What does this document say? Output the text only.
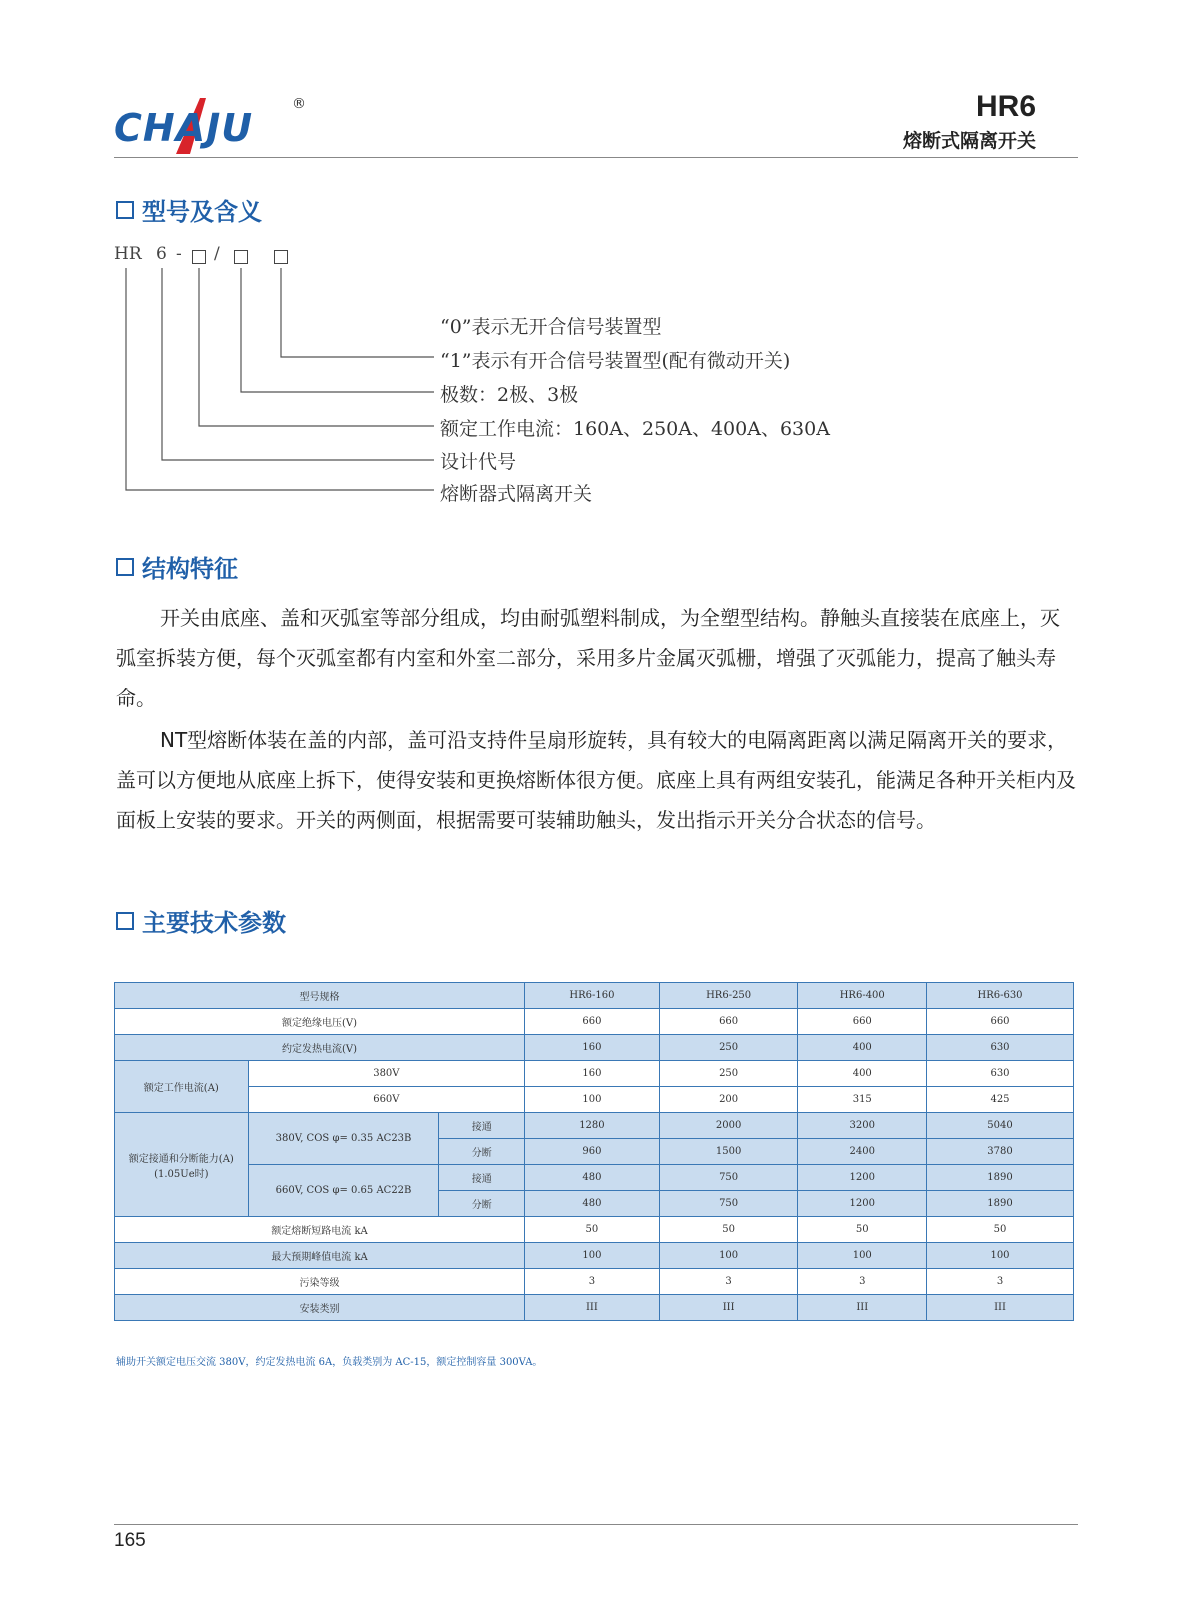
CHAJU
®	HR6
熔断式隔离开关
型号及含义
HR 6 - /
“0”表示无开合信号装置型
“1”表示有开合信号装置型(配有微动开关)
极数：2极、3极
额定工作电流：160A、250A、400A、630A
设计代号
熔断器式隔离开关
结构特征

开关由底座、盖和灭弧室等部分组成，均由耐弧塑料制成，为全塑型结构。静触头直接装在底座上，灭弧室拆装方便，每个灭弧室都有内室和外室二部分，采用多片金属灭弧栅，增强了灭弧能力，提高了触头寿命。

NT型熔断体装在盖的内部，盖可沿支持件呈扇形旋转，具有较大的电隔离距离以满足隔离开关的要求，盖可以方便地从底座上拆下，使得安装和更换熔断体很方便。底座上具有两组安装孔，能满足各种开关柜内及面板上安装的要求。开关的两侧面，根据需要可装辅助触头，发出指示开关分合状态的信号。

主要技术参数
型号规格			HR6-160	HR6-250	HR6-400	HR6-630
额定绝缘电压(V)			660	660	660	660
约定发热电流(V)			160	250	400	630
额定工作电流(A)	380V		160	250	400	630
	660V		100	200	315	425

额定接通和分断能力(A)
(1.05Ue时)	380V, COS φ= 0.35 AC23B	接通	1280	2000	3200	5040
		分断	960	1500	2400	3780
	660V, COS φ= 0.65 AC22B	接通	480	750	1200	1890
		分断	480	750	1200	1890
额定熔断短路电流 kA			50	50	50	50
最大预期峰值电流 kA			100	100	100	100
污染等级			3	3	3	3
安装类别			III	III	III	III
辅助开关额定电压交流 380V，约定发热电流 6A，负载类别为 AC-15，额定控制容量 300VA。
165
